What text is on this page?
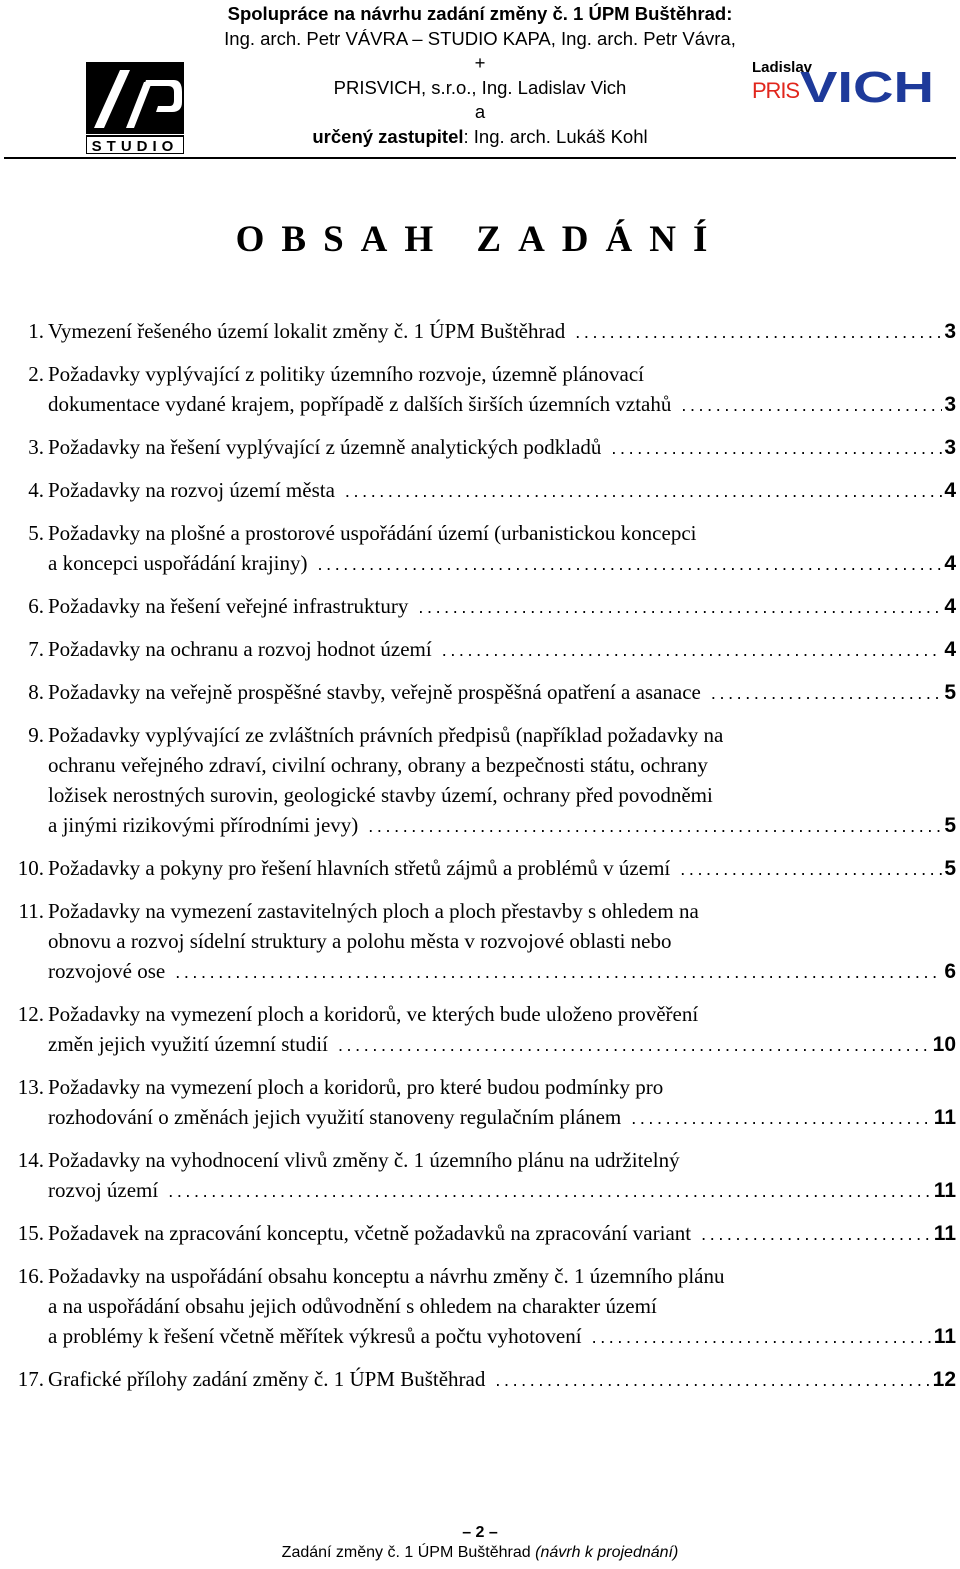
STUDIO
Spolupráce na návrhu zadání změny č. 1 ÚPM Buštěhrad:
Ing. arch. Petr VÁVRA – STUDIO KAPA, Ing. arch. Petr Vávra,
+
PRISVICH, s.r.o., Ing. Ladislav Vich
a
určený zastupitel: Ing. arch. Lukáš Kohl
Ladislav
PRIS VICH
OBSAH ZADÁNÍ
1. Vymezení řešeného území lokalit změny č. 1 ÚPM Buštěhrad .....	3
2. Požadavky vyplývající z politiky územního rozvoje, územně plánovací
dokumentace vydané krajem, popřípadě z dalších širších územních vztahů .....	3
3. Požadavky na řešení vyplývající z územně analytických podkladů .....	3
4. Požadavky na rozvoj území města .....	4
5. Požadavky na plošné a prostorové uspořádání území (urbanistickou koncepci
a koncepci uspořádání krajiny) .....	4
6. Požadavky na řešení veřejné infrastruktury .....	4
7. Požadavky na ochranu a rozvoj hodnot území .....	4
8. Požadavky na veřejně prospěšné stavby, veřejně prospěšná opatření a asanace .....	5
9. Požadavky vyplývající ze zvláštních právních předpisů (například požadavky na
ochranu veřejného zdraví, civilní ochrany, obrany a bezpečnosti státu, ochrany
ložisek nerostných surovin, geologické stavby území, ochrany před povodněmi
a jinými rizikovými přírodními jevy) .....	5
10. Požadavky a pokyny pro řešení hlavních střetů zájmů a problémů v území .....	5
11. Požadavky na vymezení zastavitelných ploch a ploch přestavby s ohledem na
obnovu a rozvoj sídelní struktury a polohu města v rozvojové oblasti nebo
rozvojové ose .....	6
12. Požadavky na vymezení ploch a koridorů, ve kterých bude uloženo prověření
změn jejich využití územní studií .....	10
13. Požadavky na vymezení ploch a koridorů, pro které budou podmínky pro
rozhodování o změnách jejich využití stanoveny regulačním plánem .....	11
14. Požadavky na vyhodnocení vlivů změny č. 1 územního plánu na udržitelný
rozvoj území .....	11
15. Požadavek na zpracování konceptu, včetně požadavků na zpracování variant .....	11
16. Požadavky na uspořádání obsahu konceptu a návrhu změny č. 1 územního plánu
a na uspořádání obsahu jejich odůvodnění s ohledem na charakter území
a problémy k řešení včetně měřítek výkresů a počtu vyhotovení .....	11
17. Grafické přílohy zadání změny č. 1 ÚPM Buštěhrad .....	12
– 2 –
Zadání změny č. 1 ÚPM Buštěhrad (návrh k projednání)
